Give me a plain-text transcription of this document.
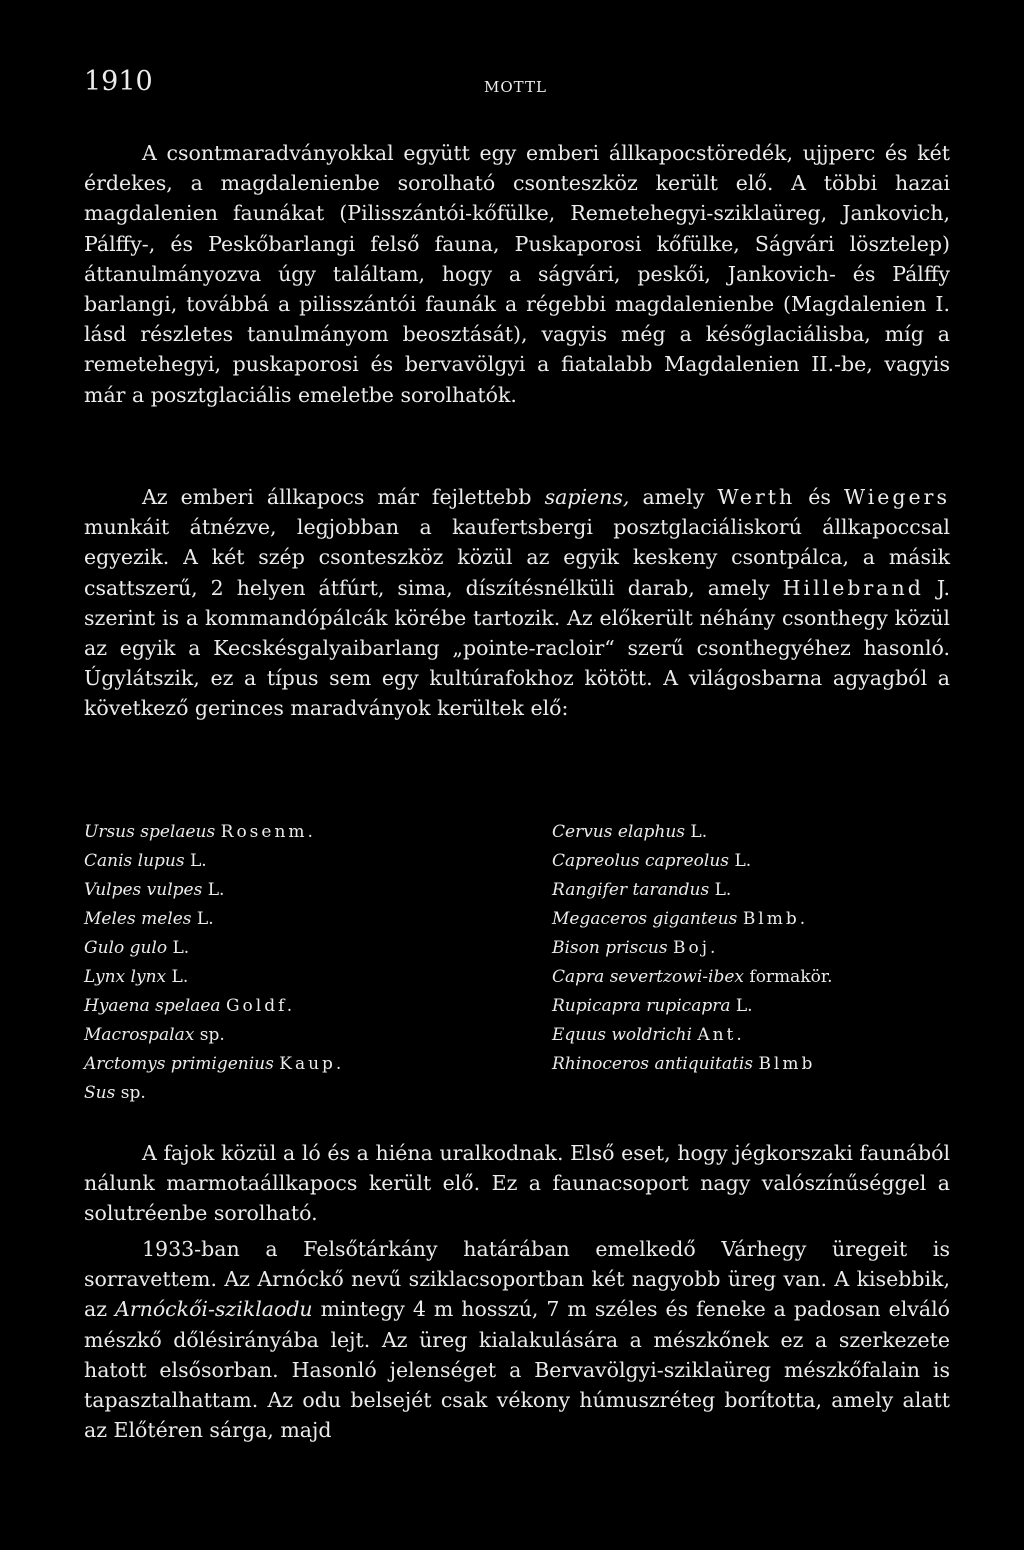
1910	MOTTL

A csontmaradványokkal együtt egy emberi állkapocstöredék, ujjperc és két érdekes, a magdalenienbe sorolható csonteszköz került elő. A többi hazai magdalenien faunákat (Pilisszántói-kőfülke, Remetehegyi-sziklaüreg, Jankovich, Pálffy-, és Peskőbarlangi felső fauna, Puskaporosi kőfülke, Ságvári lösztelep) áttanulmányozva úgy találtam, hogy a ságvári, peskői, Jankovich- és Pálffy barlangi, továbbá a pilisszántói faunák a régebbi magdalenienbe (Magdalenien I. lásd részletes tanulmányom beosztását), vagyis még a későglaciálisba, míg a remetehegyi, puskaporosi és bervavölgyi a fiatalabb Magdalenien II.-be, vagyis már a posztglaciális emeletbe sorolhatók.

Az emberi állkapocs már fejlettebb sapiens, amely Werth és Wiegers munkáit átnézve, legjobban a kaufertsbergi posztglaciáliskorú állkapoccsal egyezik. A két szép csonteszköz közül az egyik keskeny csontpálca, a másik csattszerű, 2 helyen átfúrt, sima, díszítésnélküli darab, amely Hillebrand J. szerint is a kommandópálcák körébe tartozik. Az előkerült néhány csonthegy közül az egyik a Kecskésgalyaibarlang „pointe-racloir“ szerű csonthegyéhez hasonló. Úgylátszik, ez a típus sem egy kultúrafokhoz kötött. A világosbarna agyagból a következő gerinces maradványok kerültek elő:

Ursus spelaeus Rosenm.
Canis lupus L.
Vulpes vulpes L.
Meles meles L.
Gulo gulo L.
Lynx lynx L.
Hyaena spelaea Goldf.
Macrospalax sp.
Arctomys primigenius Kaup.
Sus sp.
Cervus elaphus L.
Capreolus capreolus L.
Rangifer tarandus L.
Megaceros giganteus Blmb.
Bison priscus Boj.
Capra severtzowi-ibex formakör.
Rupicapra rupicapra L.
Equus woldrichi Ant.
Rhinoceros antiquitatis Blmb

A fajok közül a ló és a hiéna uralkodnak. Első eset, hogy jégkorszaki faunából nálunk marmotaállkapocs került elő. Ez a faunacsoport nagy valószínűséggel a solutréenbe sorolható.

1933-ban a Felsőtárkány határában emelkedő Várhegy üregeit is sorravettem. Az Arnóckő nevű sziklacsoportban két nagyobb üreg van. A kisebbik, az Arnóckői-sziklaodu mintegy 4 m hosszú, 7 m széles és feneke a padosan elváló mészkő dőlésirányába lejt. Az üreg kialakulására a mészkőnek ez a szerkezete hatott elsősorban. Hasonló jelenséget a Bervavölgyi-sziklaüreg mészkőfalain is tapasztalhattam. Az odu belsejét csak vékony húmuszréteg borította, amely alatt az Előtéren sárga, majd
